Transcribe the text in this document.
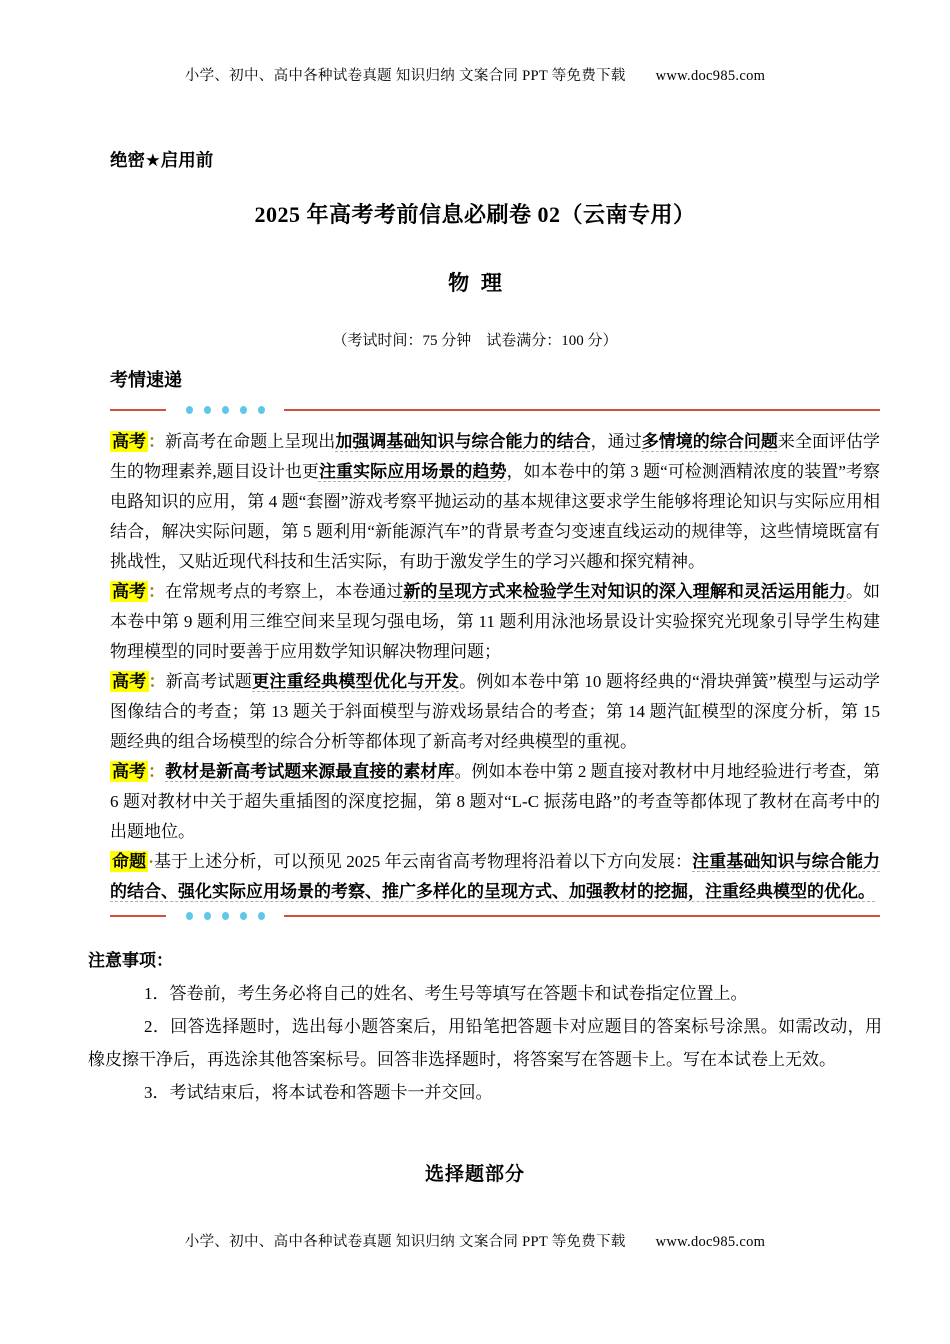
小学、初中、高中各种试卷真题 知识归纳 文案合同 PPT 等免费下载 www.doc985.com
绝密★启用前
2025 年高考考前信息必刷卷 02（云南专用）
物  理
（考试时间：75 分钟　试卷满分：100 分）
考情速递
高考 ：新高考在命题上呈现出加强调基础知识与综合能力的结合，通过多情境的综合问题来全面评估学生的物理素养,题目设计也更注重实际应用场景的趋势，如本卷中的第 3 题“可检测酒精浓度的装置”考察电路知识的应用，第 4 题“套圈”游戏考察平抛运动的基本规律这要求学生能够将理论知识与实际应用相结合，解决实际问题，第 5 题利用“新能源汽车”的背景考查匀变速直线运动的规律等，这些情境既富有挑战性，又贴近现代科技和生活实际，有助于激发学生的学习兴趣和探究精神。
高考 ：在常规考点的考察上，本卷通过新的呈现方式来检验学生对知识的深入理解和灵活运用能力。如本卷中第 9 题利用三维空间来呈现匀强电场，第 11 题利用泳池场景设计实验探究光现象引导学生构建物理模型的同时要善于应用数学知识解决物理问题；
高考 ：新高考试题更注重经典模型优化与开发。例如本卷中第 10 题将经典的“滑块弹簧”模型与运动学图像结合的考查；第 13 题关于斜面模型与游戏场景结合的考查；第 14 题汽缸模型的深度分析，第 15 题经典的组合场模型的综合分析等都体现了新高考对经典模型的重视。
高考 ：教材是新高考试题来源最直接的素材库。例如本卷中第 2 题直接对教材中月地经验进行考查，第 6 题对教材中关于超失重插图的深度挖掘，第 8 题对“L-C 振荡电路”的考查等都体现了教材在高考中的出题地位。
命题 ·基于上述分析，可以预见 2025 年云南省高考物理将沿着以下方向发展：注重基础知识与综合能力的结合、强化实际应用场景的考察、推广多样化的呈现方式、加强教材的挖掘，注重经典模型的优化。
注意事项：
1．答卷前，考生务必将自己的姓名、考生号等填写在答题卡和试卷指定位置上。
2．回答选择题时，选出每小题答案后，用铅笔把答题卡对应题目的答案标号涂黑。如需改动，用橡皮擦干净后，再选涂其他答案标号。回答非选择题时，将答案写在答题卡上。写在本试卷上无效。
3．考试结束后，将本试卷和答题卡一并交回。
选择题部分
小学、初中、高中各种试卷真题 知识归纳 文案合同 PPT 等免费下载 www.doc985.com
